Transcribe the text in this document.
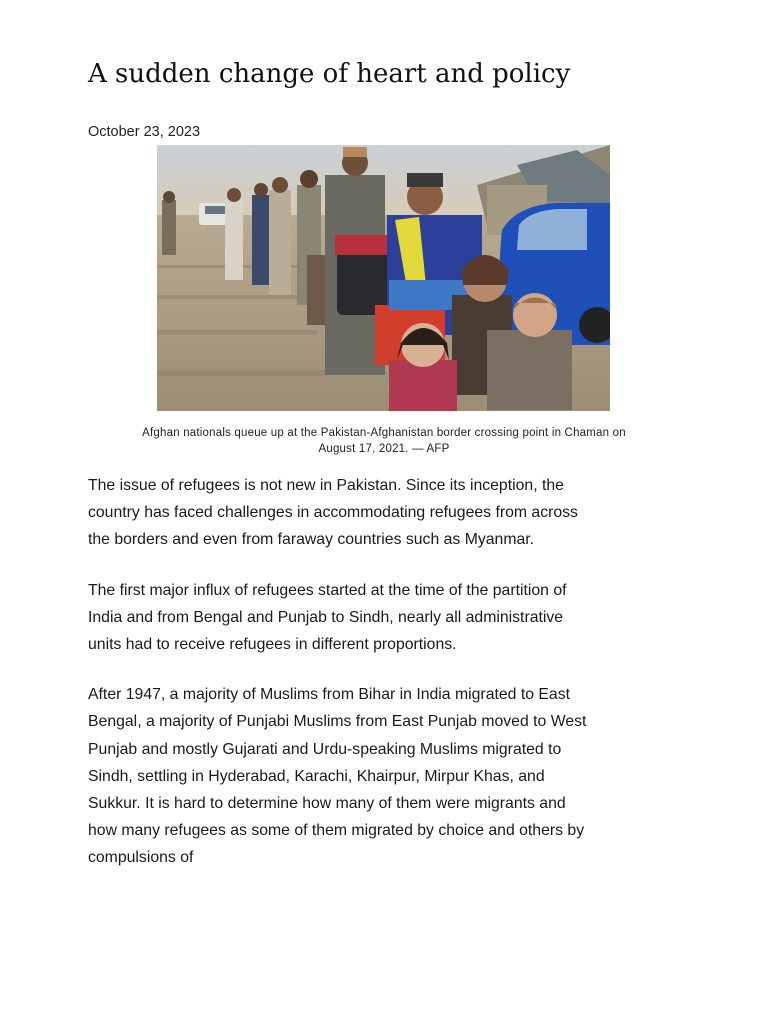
A sudden change of heart and policy
October 23, 2023
Afghan nationals queue up at the Pakistan-Afghanistan border crossing point in Chaman on August 17, 2021. — AFP

The issue of refugees is not new in Pakistan. Since its inception, the country has faced challenges in accommodating refugees from across the borders and even from faraway countries such as Myanmar.

The first major influx of refugees started at the time of the partition of India and from Bengal and Punjab to Sindh, nearly all administrative units had to receive refugees in different proportions.

After 1947, a majority of Muslims from Bihar in India migrated to East Bengal, a majority of Punjabi Muslims from East Punjab moved to West Punjab and mostly Gujarati and Urdu-speaking Muslims migrated to Sindh, settling in Hyderabad, Karachi, Khairpur, Mirpur Khas, and Sukkur. It is hard to determine how many of them were migrants and how many refugees as some of them migrated by choice and others by compulsions of
